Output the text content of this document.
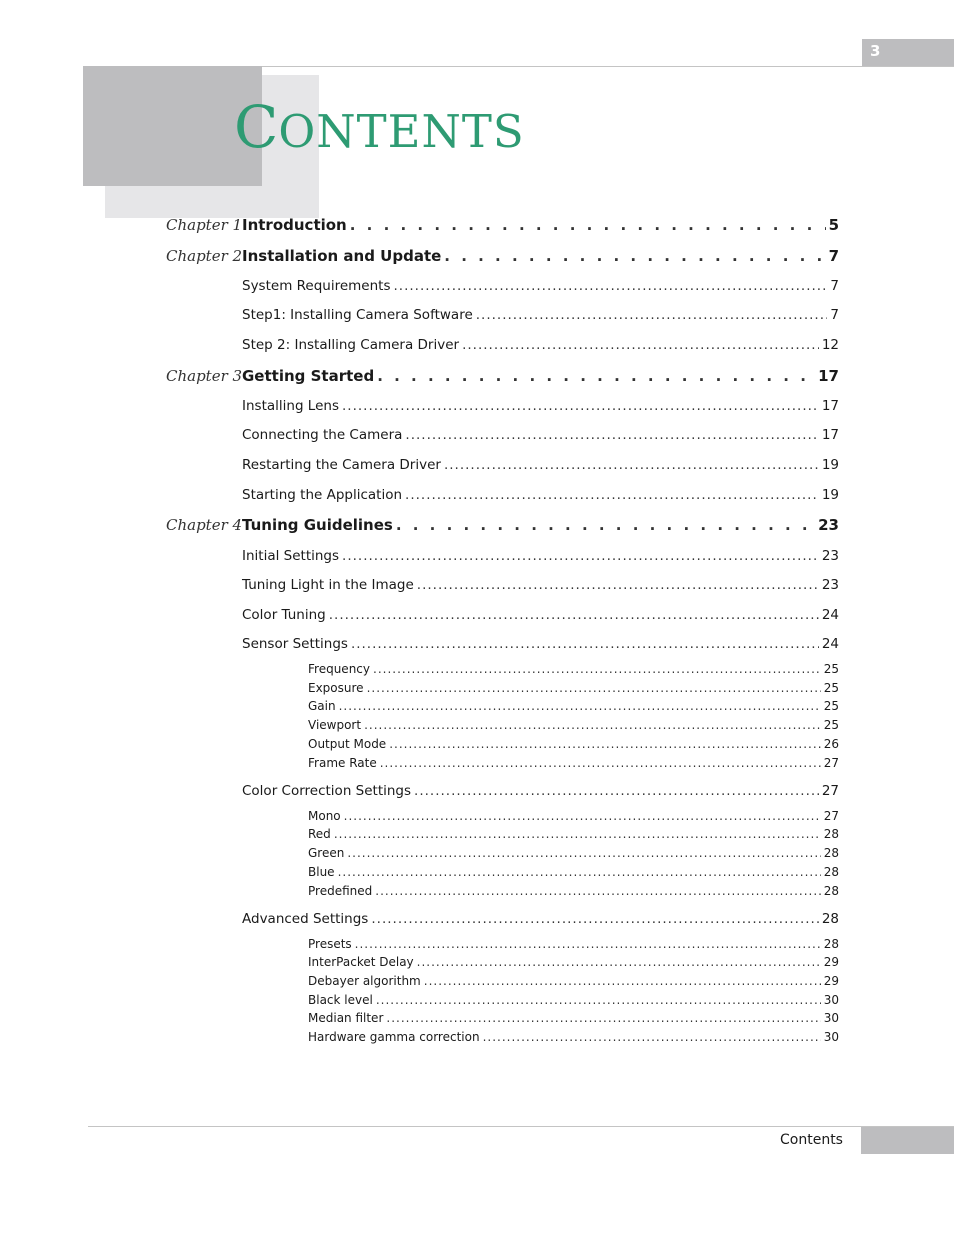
3
CONTENTS
Chapter 1 Introduction . . .	5
Chapter 2 Installation and Update . . .	7
System Requirements .....	7
Step1: Installing Camera Software .....	7
Step 2: Installing Camera Driver .....	12
Chapter 3 Getting Started . . .	17
Installing Lens .....	17
Connecting the Camera .....	17
Restarting the Camera Driver .....	19
Starting the Application .....	19
Chapter 4 Tuning Guidelines . . .	23
Initial Settings .....	23
Tuning Light in the Image .....	23
Color Tuning .....	24
Sensor Settings .....	24
Frequency .....	25
Exposure .....	25
Gain .....	25
Viewport .....	25
Output Mode .....	26
Frame Rate .....	27
Color Correction Settings .....	27
Mono .....	27
Red .....	28
Green .....	28
Blue .....	28
Predefined .....	28
Advanced Settings .....	28
Presets .....	28
InterPacket Delay .....	29
Debayer algorithm .....	29
Black level .....	30
Median filter .....	30
Hardware gamma correction .....	30
Contents
